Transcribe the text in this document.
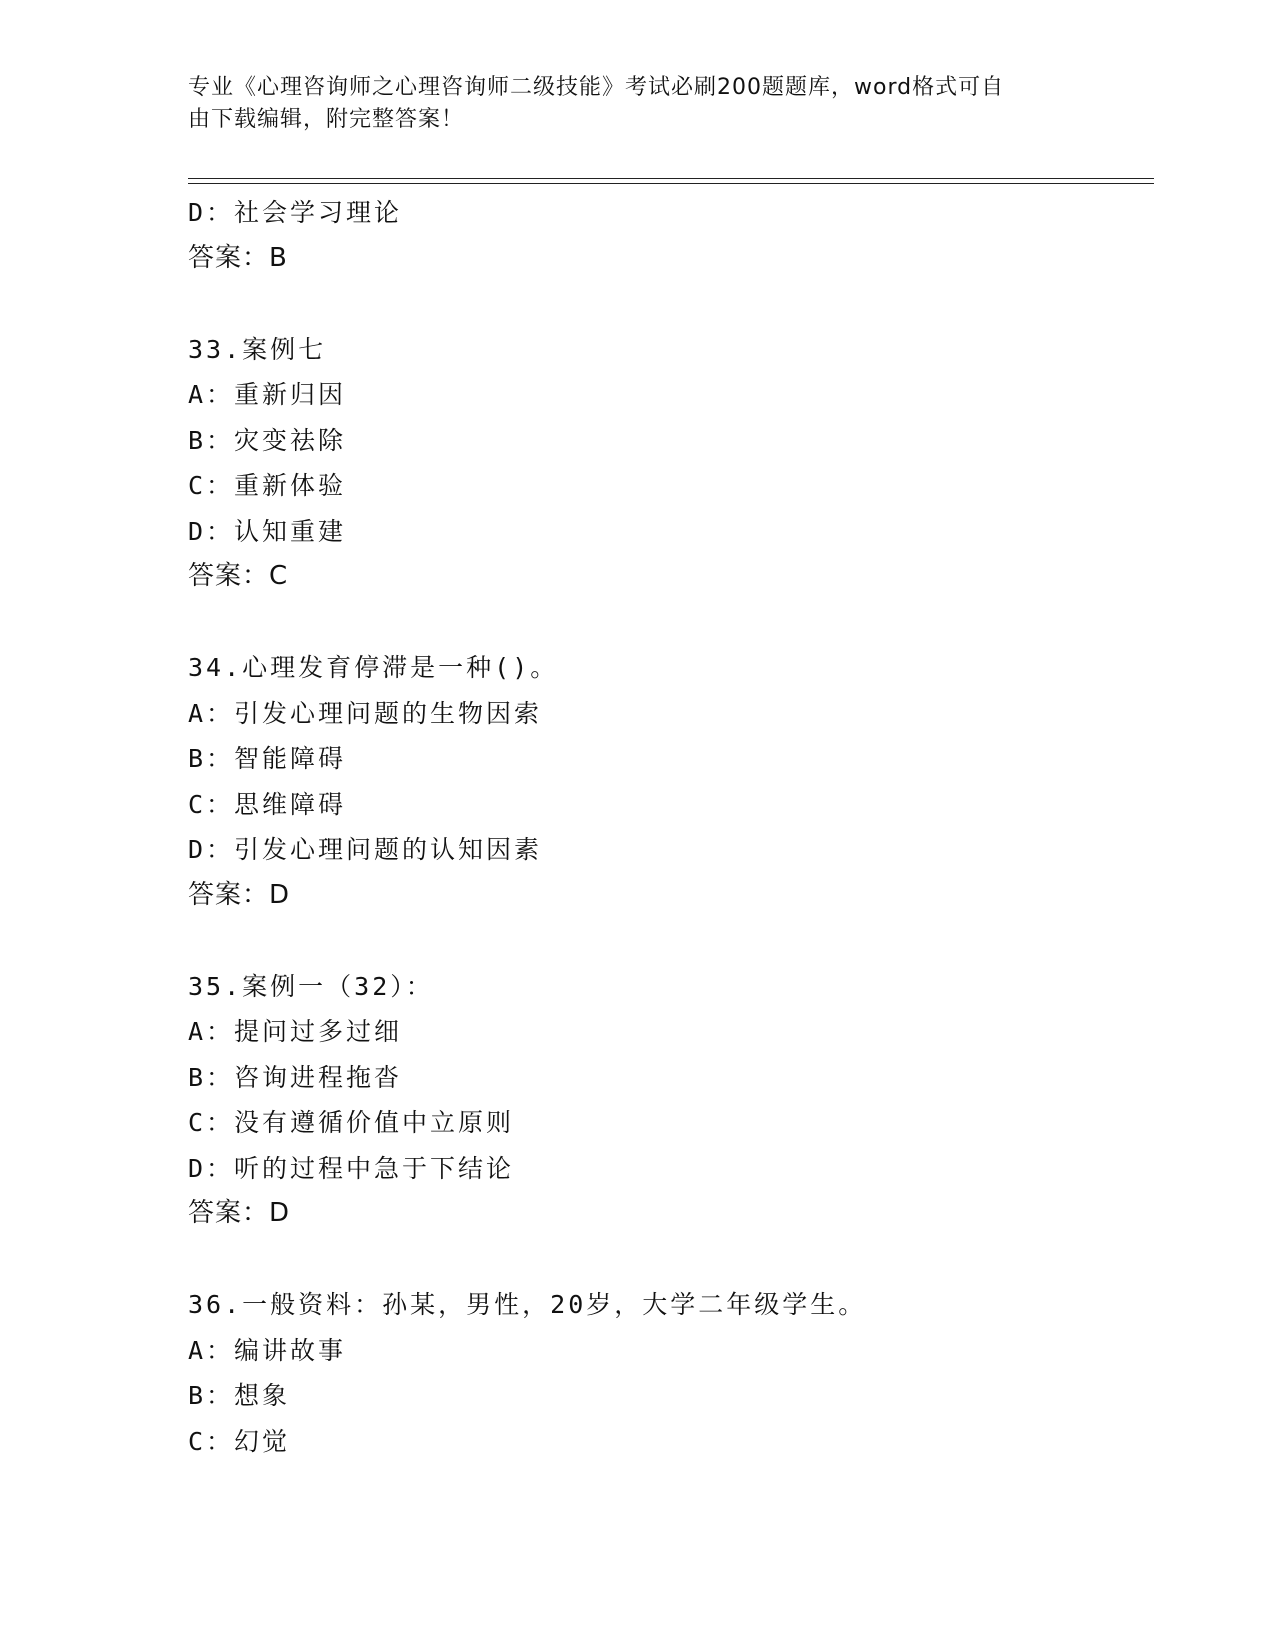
专业《心理咨询师之心理咨询师二级技能》考试必刷200题题库，word格式可自
由下载编辑，附完整答案！
D：社会学习理论
答案：B
33.案例七
A：重新归因
B：灾变祛除
C：重新体验
D：认知重建
答案：C
34.心理发育停滞是一种()。
A：引发心理问题的生物因索
B：智能障碍
C：思维障碍
D：引发心理问题的认知因素
答案：D
35.案例一（32）：
A：提问过多过细
B：咨询进程拖沓
C：没有遵循价值中立原则
D：听的过程中急于下结论
答案：D
36.一般资料：孙某，男性，20岁，大学二年级学生。
A：编讲故事
B：想象
C：幻觉
